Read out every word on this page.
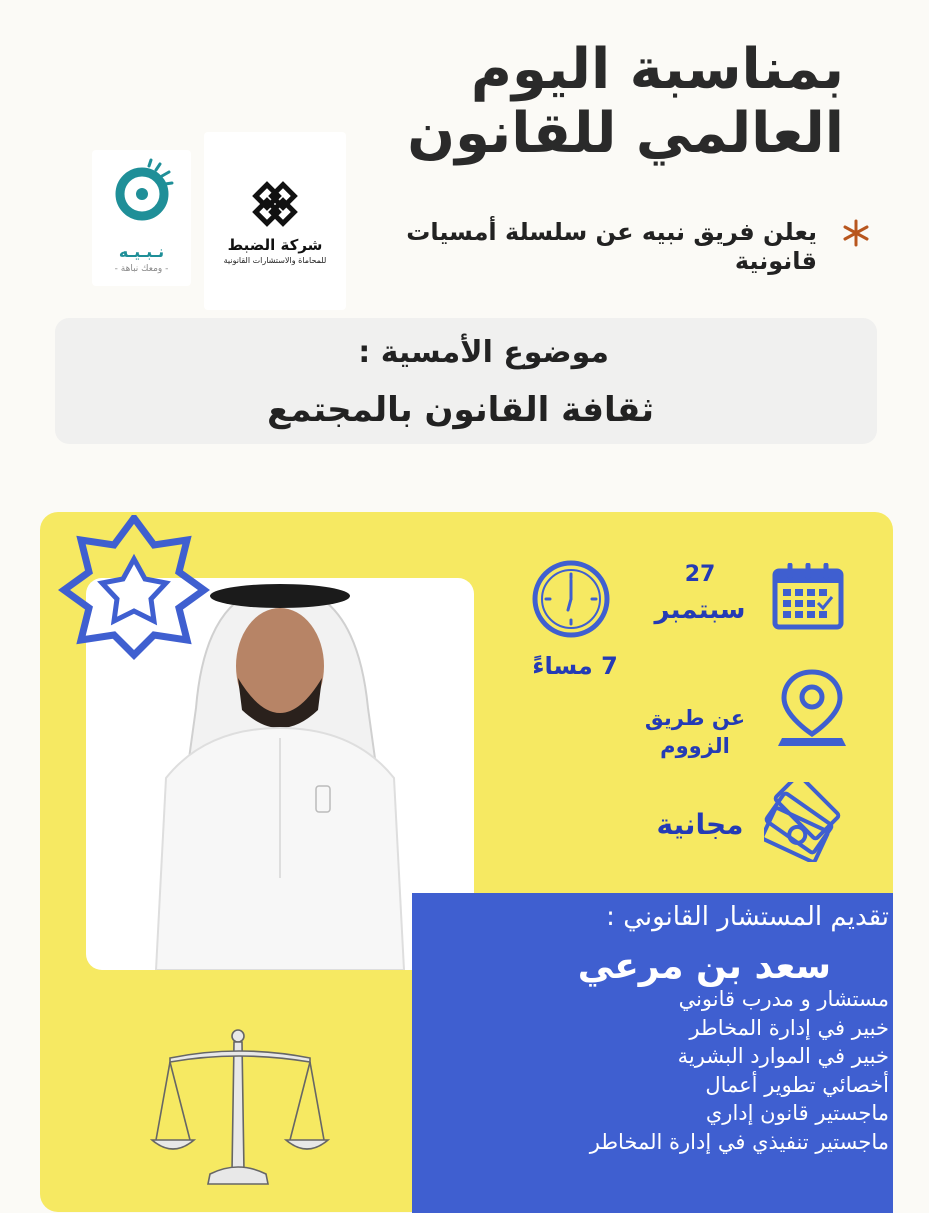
بمناسبة اليوم
العالمي للقانون
يعلن فريق نبيه عن سلسلة أمسيات قانونية
نـبـيـه
- ومعك نباهة -
شركة الضبط
للمحاماة والاستشارات القانونية
موضوع الأمسية :
ثقافة القانون بالمجتمع
27
سبتمبر
7 مساءً
عن طريق
الزووم
مجانية
تقديم المستشار القانوني :
سعد بن مرعي
مستشار و مدرب قانوني
خبير في إدارة المخاطر
خبير في الموارد البشرية
أخصائي تطوير أعمال
ماجستير قانون إداري
ماجستير تنفيذي في إدارة المخاطر
